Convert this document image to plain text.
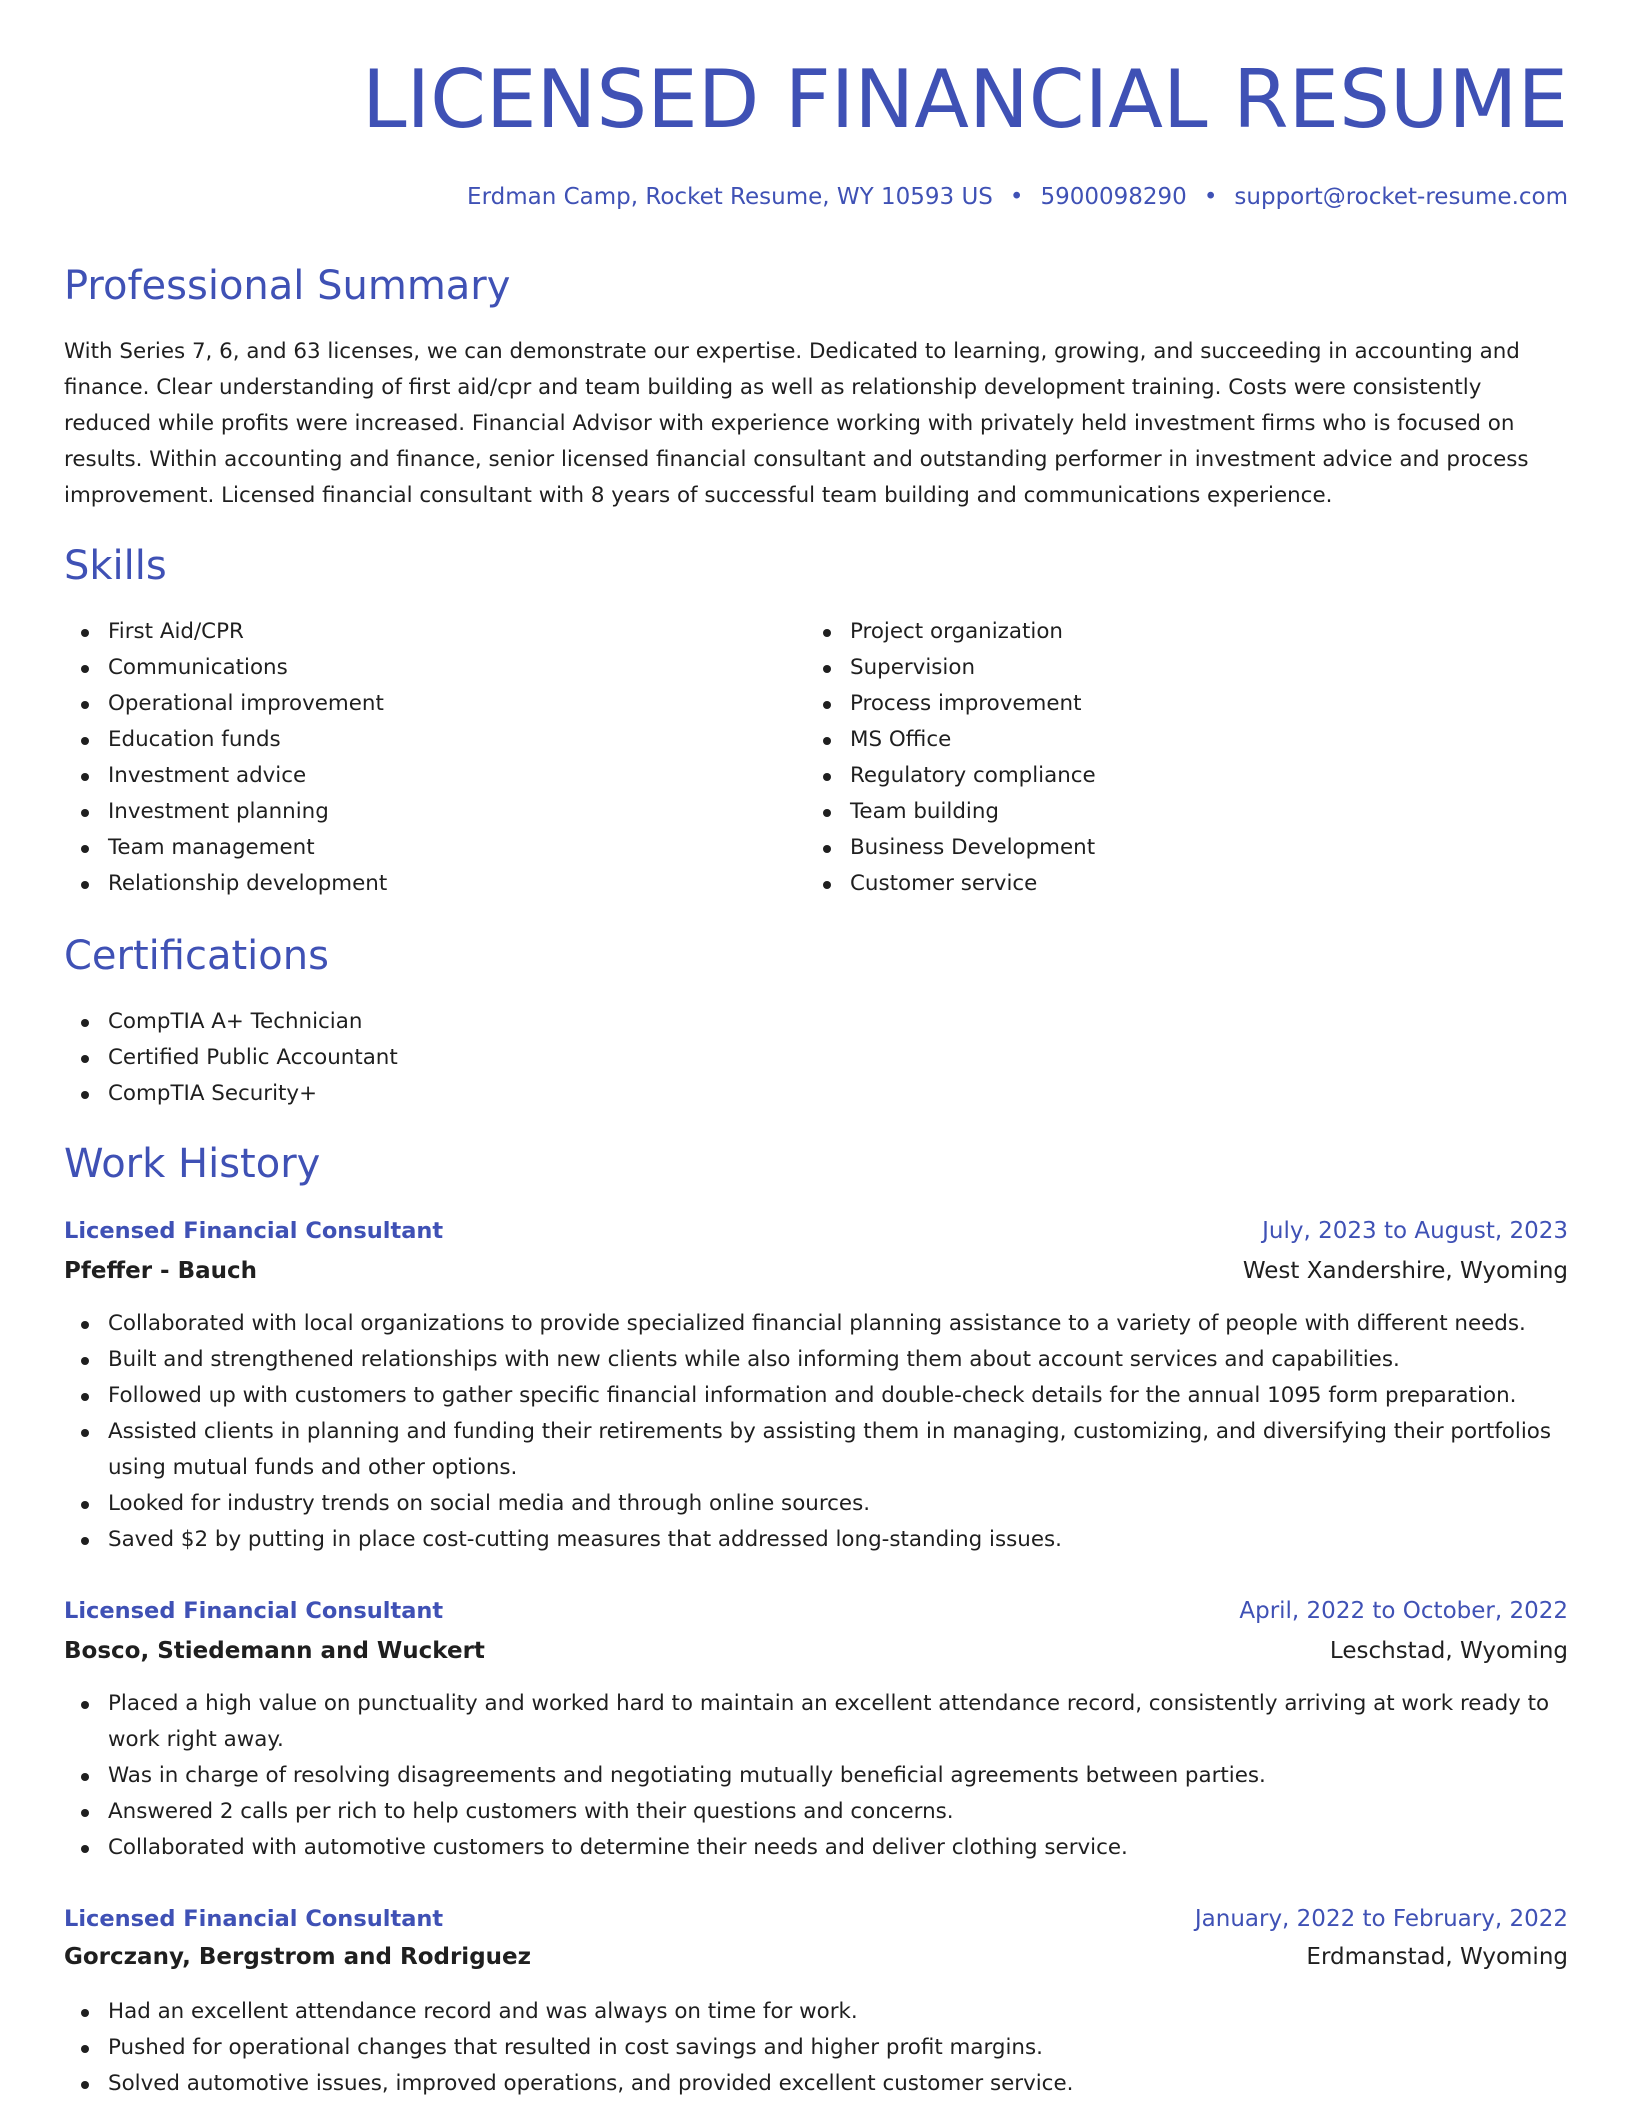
LICENSED FINANCIAL RESUME
Erdman Camp, Rocket Resume, WY 10593 US • 5900098290 • support@rocket-resume.com
Professional Summary

With Series 7, 6, and 63 licenses, we can demonstrate our expertise. Dedicated to learning, growing, and succeeding in accounting and finance. Clear understanding of first aid/cpr and team building as well as relationship development training. Costs were consistently reduced while profits were increased. Financial Advisor with experience working with privately held investment firms who is focused on results. Within accounting and finance, senior licensed financial consultant and outstanding performer in investment advice and process improvement. Licensed financial consultant with 8 years of successful team building and communications experience.

Skills
First Aid/CPR
Communications
Operational improvement
Education funds
Investment advice
Investment planning
Team management
Relationship development
Project organization
Supervision
Process improvement
MS Office
Regulatory compliance
Team building
Business Development
Customer service
Certifications
CompTIA A+ Technician
Certified Public Accountant
CompTIA Security+
Work History
Licensed Financial Consultant	July, 2023 to August, 2023
Pfeffer - Bauch	West Xandershire, Wyoming
Collaborated with local organizations to provide specialized financial planning assistance to a variety of people with different needs.
Built and strengthened relationships with new clients while also informing them about account services and capabilities.
Followed up with customers to gather specific financial information and double-check details for the annual 1095 form preparation.
Assisted clients in planning and funding their retirements by assisting them in managing, customizing, and diversifying their portfolios using mutual funds and other options.
Looked for industry trends on social media and through online sources.
Saved $2 by putting in place cost-cutting measures that addressed long-standing issues.
Licensed Financial Consultant	April, 2022 to October, 2022
Bosco, Stiedemann and Wuckert	Leschstad, Wyoming
Placed a high value on punctuality and worked hard to maintain an excellent attendance record, consistently arriving at work ready to work right away.
Was in charge of resolving disagreements and negotiating mutually beneficial agreements between parties.
Answered 2 calls per rich to help customers with their questions and concerns.
Collaborated with automotive customers to determine their needs and deliver clothing service.
Licensed Financial Consultant	January, 2022 to February, 2022
Gorczany, Bergstrom and Rodriguez	Erdmanstad, Wyoming
Had an excellent attendance record and was always on time for work.
Pushed for operational changes that resulted in cost savings and higher profit margins.
Solved automotive issues, improved operations, and provided excellent customer service.
